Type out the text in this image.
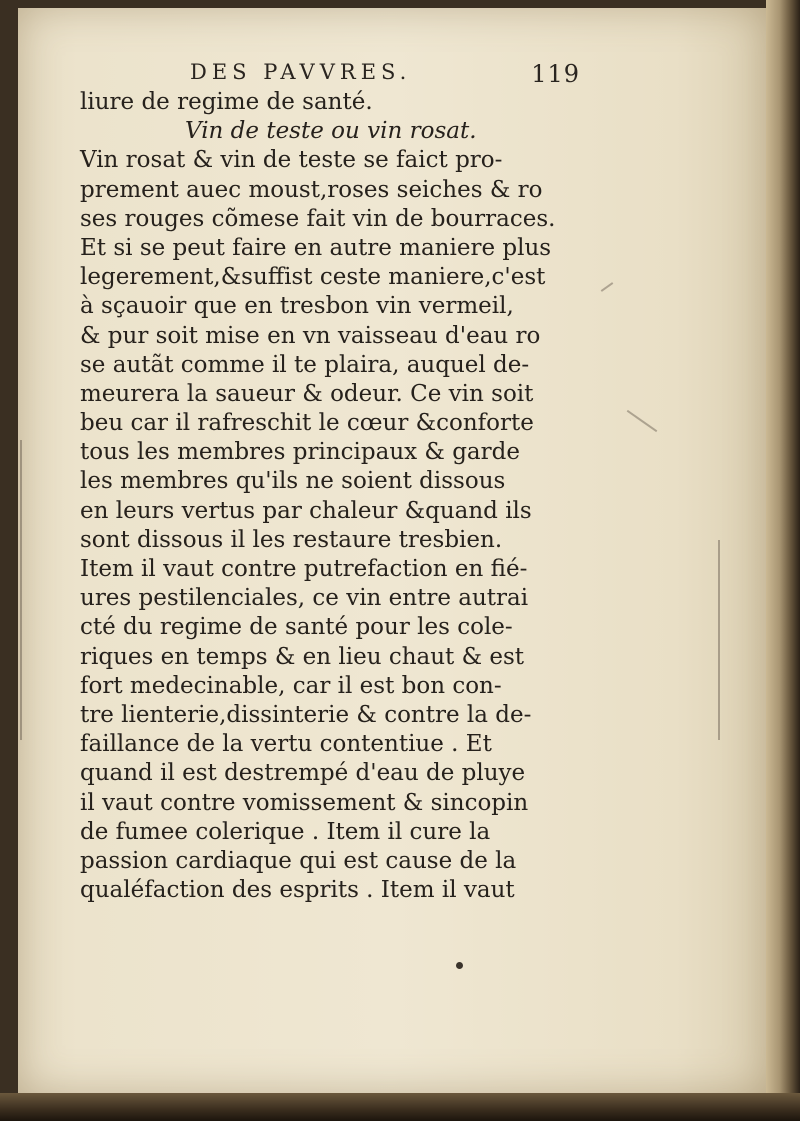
DES PAVVRES.	119
liure de regime de santé.
Vin de teste ou vin rosat.
Vin rosat & vin de teste se faict pro-
prement auec moust,roses seiches & ro
ses rouges cõmese fait vin de bourraces.
Et si se peut faire en autre maniere plus
legerement,&suffist ceste maniere,c'est
à sçauoir que en tresbon vin vermeil,
& pur soit mise en vn vaisseau d'eau ro
se autãt comme il te plaira, auquel de-
meurera la saueur & odeur. Ce vin soit
beu car il rafreschit le cœur &conforte
tous les membres principaux & garde
les membres qu'ils ne soient dissous
en leurs vertus par chaleur &quand ils
sont dissous il les restaure tresbien.
Item il vaut contre putrefaction en fié-
ures pestilenciales, ce vin entre autrai
cté du regime de santé pour les cole-
riques en temps & en lieu chaut & est
fort medecinable, car il est bon con-
tre lienterie,dissinterie & contre la de-
faillance de la vertu contentiue . Et
quand il est destrempé d'eau de pluye
il vaut contre vomissement & sincopin
de fumee colerique . Item il cure la
passion cardiaque qui est cause de la
qualéfaction des esprits . Item il vaut
